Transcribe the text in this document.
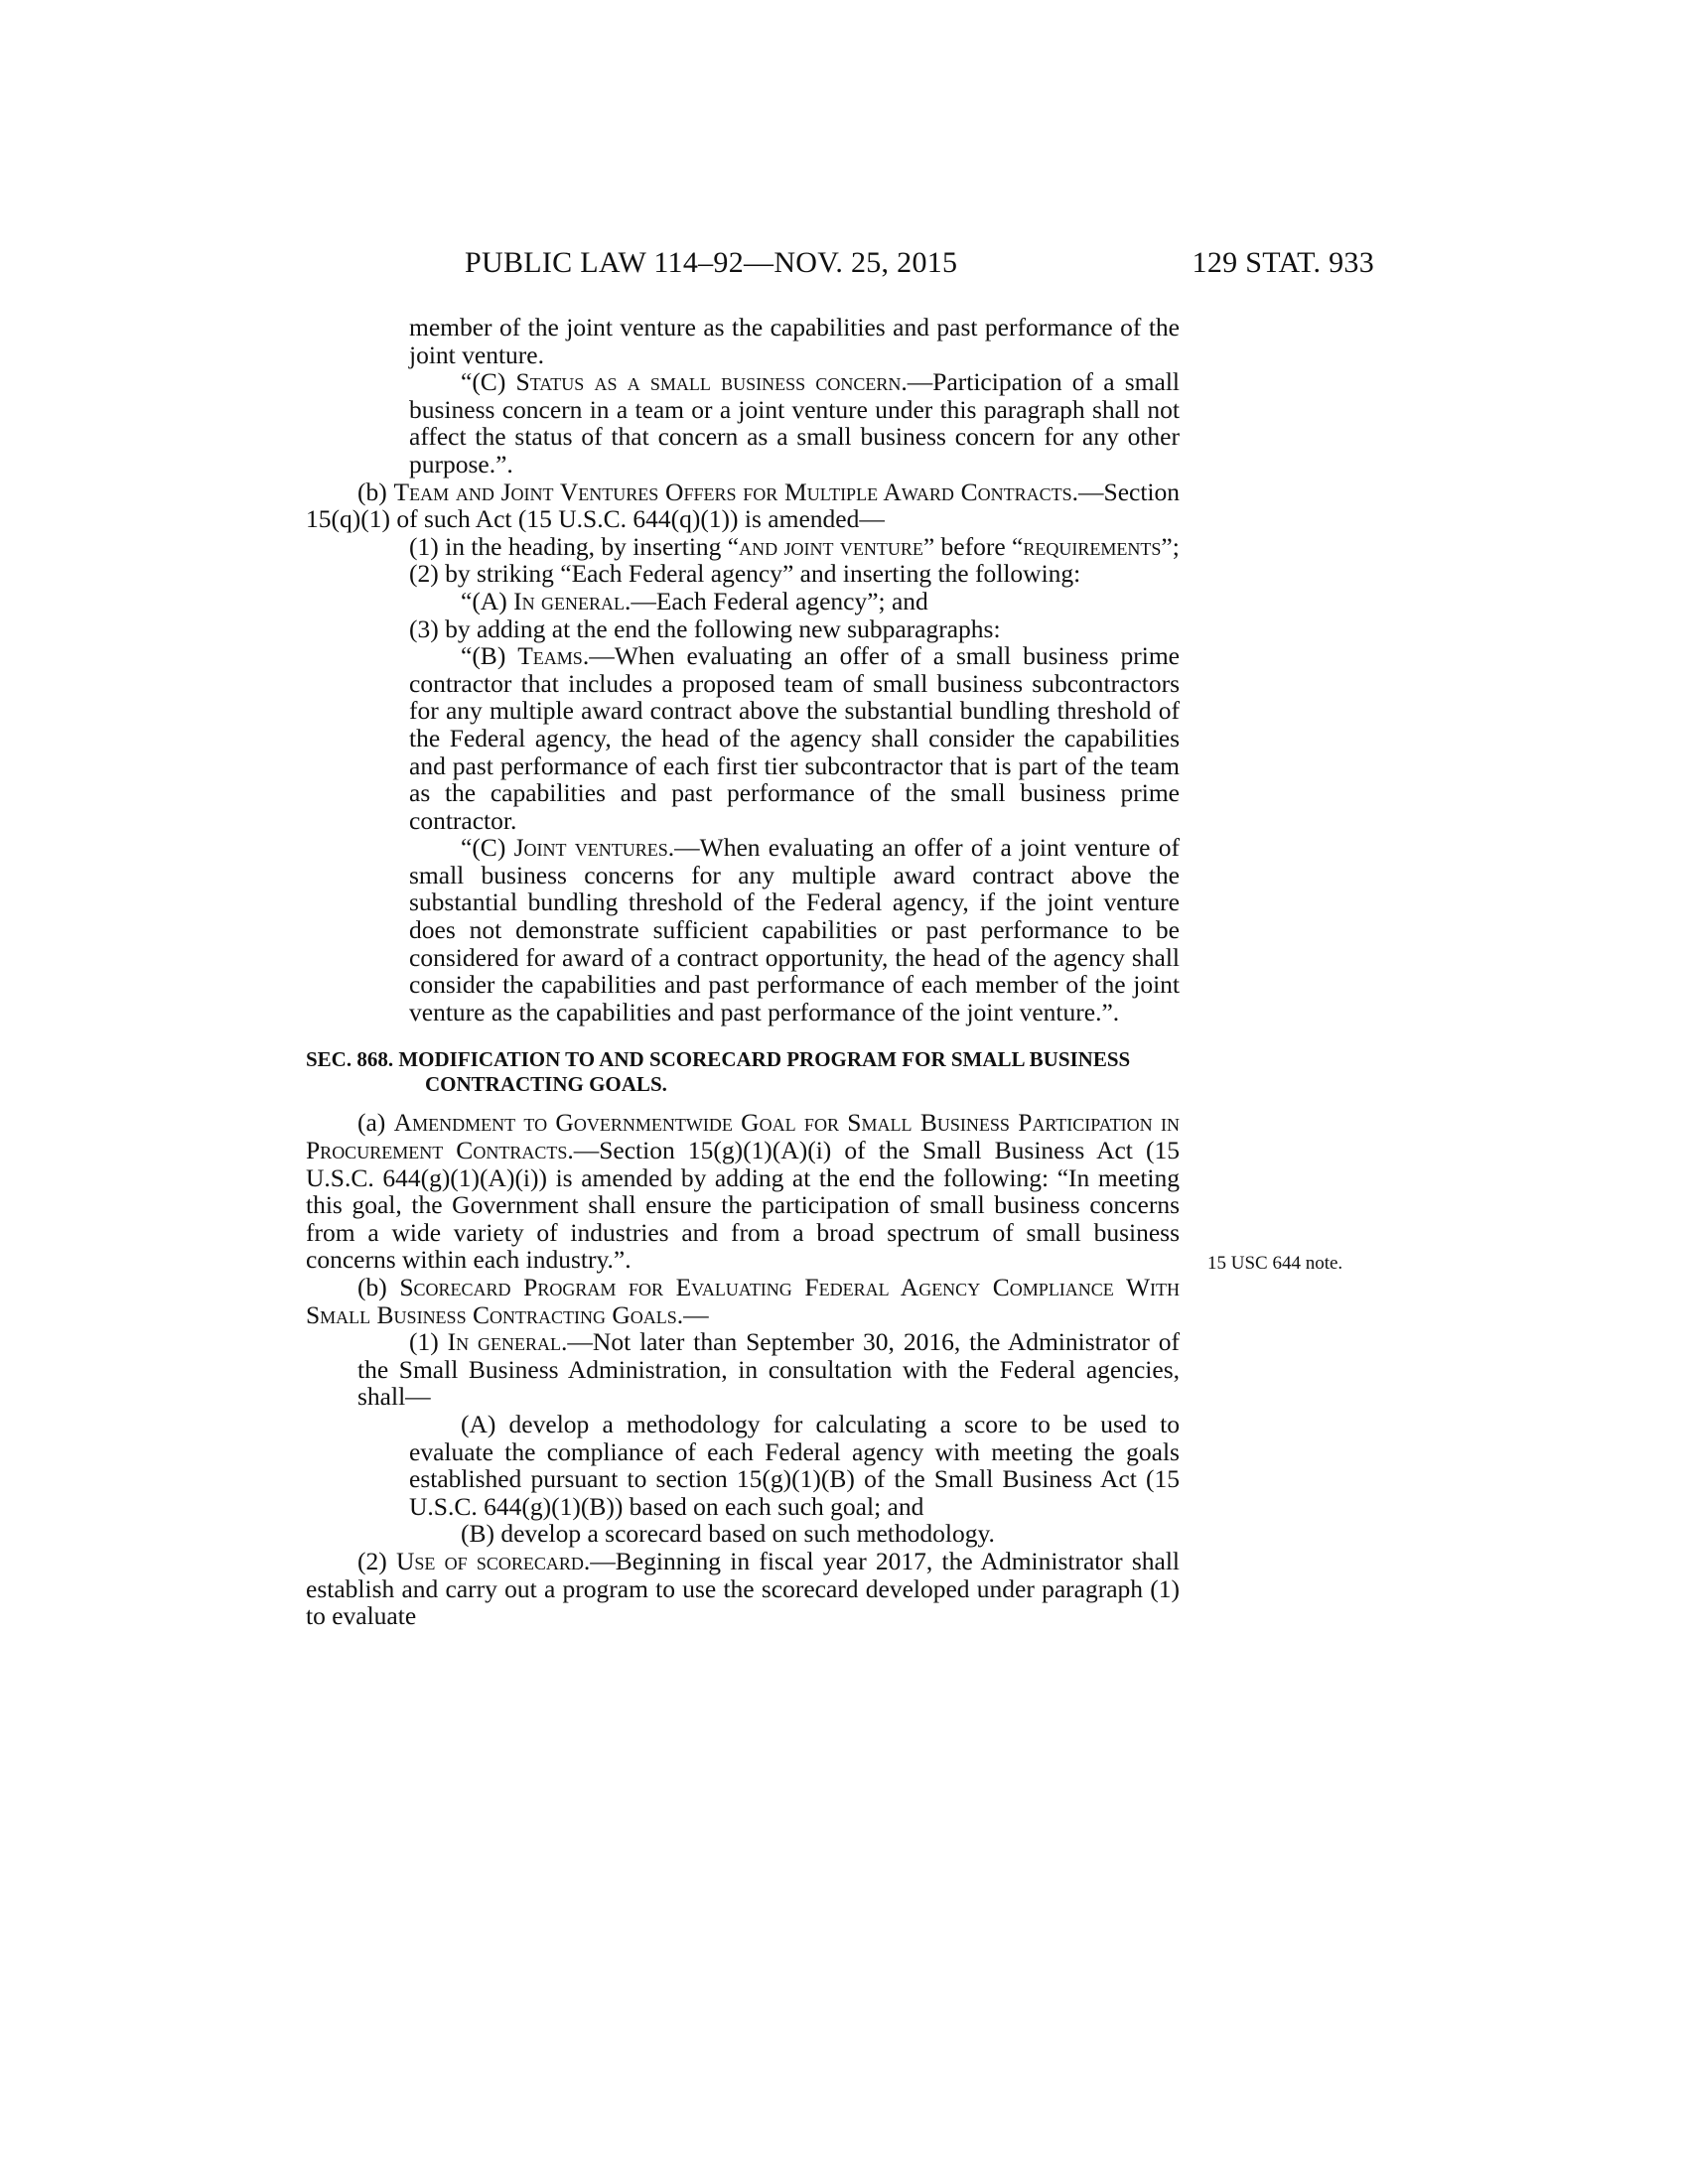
PUBLIC LAW 114–92—NOV. 25, 2015	129 STAT. 933
15 USC 644 note.

member of the joint venture as the capabilities and past performance of the joint venture.

“(C) Status as a small business concern.—Participation of a small business concern in a team or a joint venture under this paragraph shall not affect the status of that concern as a small business concern for any other purpose.”.

(b) Team and Joint Ventures Offers for Multiple Award Contracts.—Section 15(q)(1) of such Act (15 U.S.C. 644(q)(1)) is amended—

(1) in the heading, by inserting “and joint venture” before “requirements”;

(2) by striking “Each Federal agency” and inserting the following:

“(A) In general.—Each Federal agency”; and

(3) by adding at the end the following new subparagraphs:

“(B) Teams.—When evaluating an offer of a small business prime contractor that includes a proposed team of small business subcontractors for any multiple award contract above the substantial bundling threshold of the Federal agency, the head of the agency shall consider the capabilities and past performance of each first tier subcontractor that is part of the team as the capabilities and past performance of the small business prime contractor.

“(C) Joint ventures.—When evaluating an offer of a joint venture of small business concerns for any multiple award contract above the substantial bundling threshold of the Federal agency, if the joint venture does not demonstrate sufficient capabilities or past performance to be considered for award of a contract opportunity, the head of the agency shall consider the capabilities and past performance of each member of the joint venture as the capabilities and past performance of the joint venture.”.

SEC. 868. MODIFICATION TO AND SCORECARD PROGRAM FOR SMALL BUSINESS CONTRACTING GOALS.

(a) Amendment to Governmentwide Goal for Small Business Participation in Procurement Contracts.—Section 15(g)(1)(A)(i) of the Small Business Act (15 U.S.C. 644(g)(1)(A)(i)) is amended by adding at the end the following: “In meeting this goal, the Government shall ensure the participation of small business concerns from a wide variety of industries and from a broad spectrum of small business concerns within each industry.”.

(b) Scorecard Program for Evaluating Federal Agency Compliance With Small Business Contracting Goals.—

(1) In general.—Not later than September 30, 2016, the Administrator of the Small Business Administration, in consultation with the Federal agencies, shall—

(A) develop a methodology for calculating a score to be used to evaluate the compliance of each Federal agency with meeting the goals established pursuant to section 15(g)(1)(B) of the Small Business Act (15 U.S.C. 644(g)(1)(B)) based on each such goal; and

(B) develop a scorecard based on such methodology.

(2) Use of scorecard.—Beginning in fiscal year 2017, the Administrator shall establish and carry out a program to use the scorecard developed under paragraph (1) to evaluate
